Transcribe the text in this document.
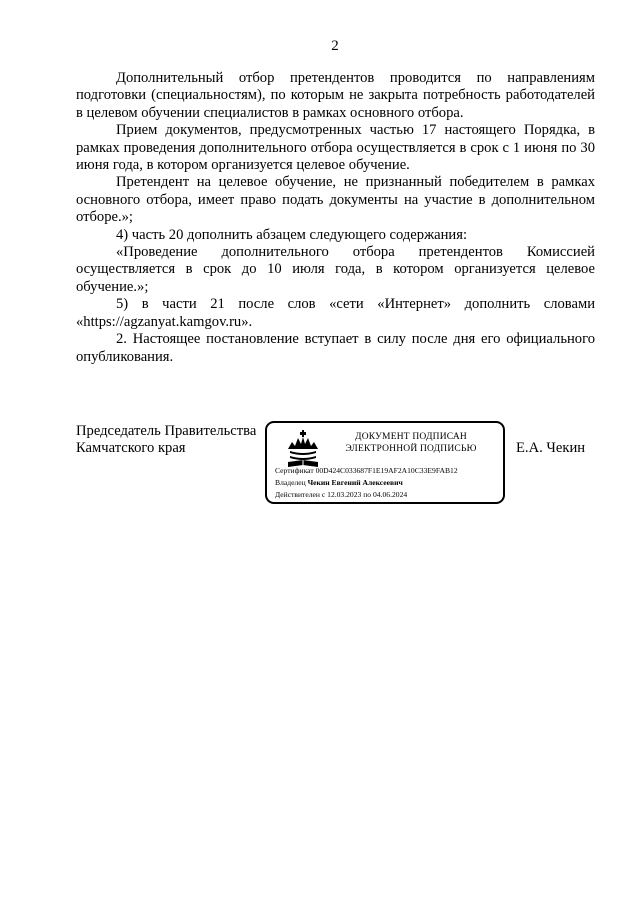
2

Дополнительный отбор претендентов проводится по направлениям подготовки (специальностям), по которым не закрыта потребность работодателей в целевом обучении специалистов в рамках основного отбора.

Прием документов, предусмотренных частью 17 настоящего Порядка, в рамках проведения дополнительного отбора осуществляется в срок с 1 июня по 30 июня года, в котором организуется целевое обучение.

Претендент на целевое обучение, не признанный победителем в рамках основного отбора, имеет право подать документы на участие в дополнительном отборе.»;

4) часть 20 дополнить абзацем следующего содержания:

«Проведение дополнительного отбора претендентов Комиссией осуществляется в срок до 10 июля года, в котором организуется целевое обучение.»;

5) в части 21 после слов «сети «Интернет» дополнить словами «https://agzanyat.kamgov.ru».

2. Настоящее постановление вступает в силу после дня его официального опубликования.

Председатель Правительства
Камчатского края
ДОКУМЕНТ ПОДПИСАН
ЭЛЕКТРОННОЙ ПОДПИСЬЮ
Сертификат 00D424C033687F1E19AF2A10C33E9FAB12
Владелец Чекин Евгений Алексеевич
Действителен с 12.03.2023 по 04.06.2024
Е.А. Чекин
